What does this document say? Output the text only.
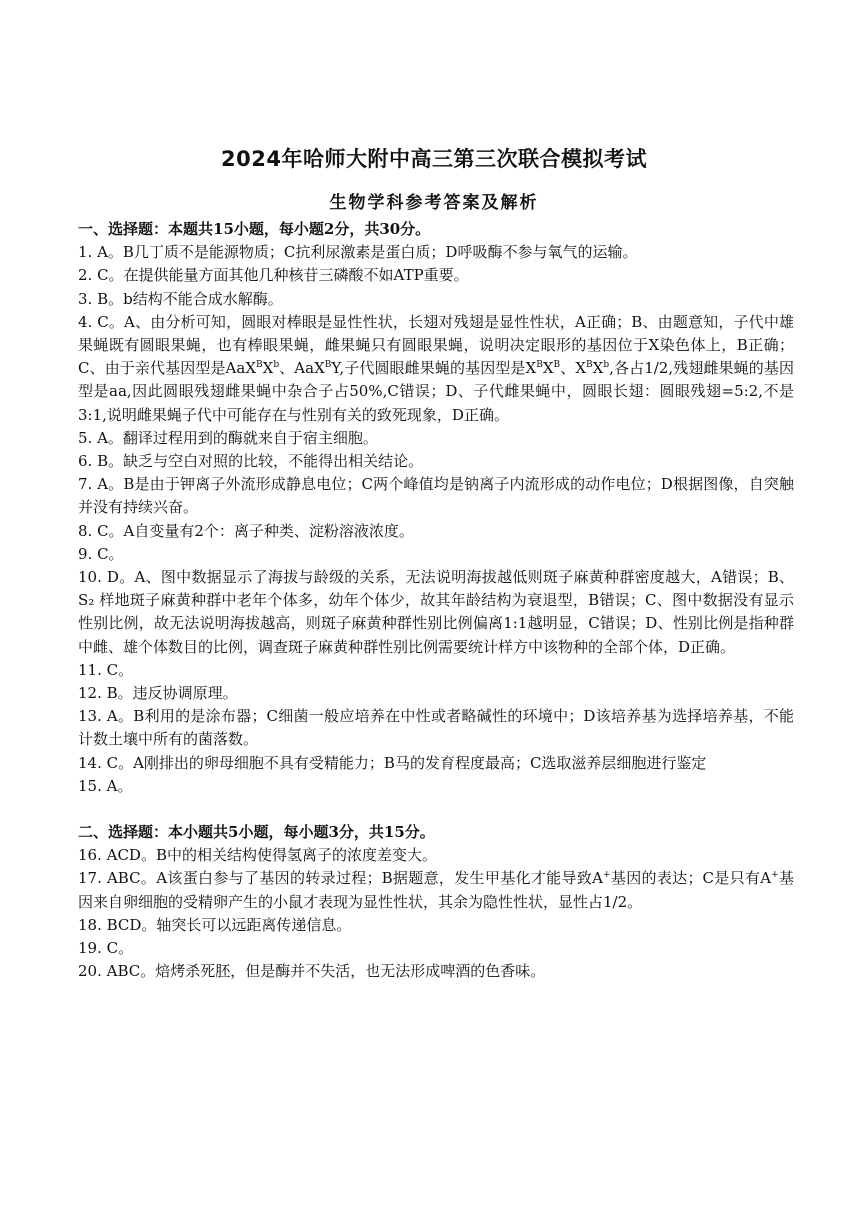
2024年哈师大附中高三第三次联合模拟考试
生物学科参考答案及解析

一、选择题：本题共15小题，每小题2分，共30分。

1. A。B几丁质不是能源物质；C抗利尿激素是蛋白质；D呼吸酶不参与氧气的运输。

2. C。在提供能量方面其他几种核苷三磷酸不如ATP重要。

3. B。b结构不能合成水解酶。

4. C。A、由分析可知，圆眼对棒眼是显性性状，长翅对残翅是显性性状，A正确；B、由题意知，子代中雄果蝇既有圆眼果蝇，也有棒眼果蝇，雌果蝇只有圆眼果蝇，说明决定眼形的基因位于X染色体上，B正确；C、由于亲代基因型是$AaX^BX^b$、AaX$^B$Y,子代圆眼雌果蝇的基因型是$X^BX^B$、$X^BX^b$,各占1/2,残翅雌果蝇的基因型是aa,因此圆眼残翅雌果蝇中杂合子占50%,C错误；D、子代雌果蝇中，圆眼长翅：圆眼残翅=5:2,不是3:1,说明雌果蝇子代中可能存在与性别有关的致死现象，D正确。

5. A。翻译过程用到的酶就来自于宿主细胞。

6. B。缺乏与空白对照的比较，不能得出相关结论。

7. A。B是由于钾离子外流形成静息电位；C两个峰值均是钠离子内流形成的动作电位；D根据图像，自突触并没有持续兴奋。

8. C。A自变量有2个：离子种类、淀粉溶液浓度。

9. C。

10. D。A、图中数据显示了海拔与龄级的关系，无法说明海拔越低则斑子麻黄种群密度越大，A错误；B、S₂ 样地斑子麻黄种群中老年个体多，幼年个体少，故其年龄结构为衰退型，B错误；C、图中数据没有显示性别比例，故无法说明海拔越高，则斑子麻黄种群性别比例偏离1:1越明显，C错误；D、性别比例是指种群中雌、雄个体数目的比例，调查斑子麻黄种群性别比例需要统计样方中该物种的全部个体，D正确。

11. C。

12. B。违反协调原理。

13. A。B利用的是涂布器；C细菌一般应培养在中性或者略碱性的环境中；D该培养基为选择培养基，不能计数土壤中所有的菌落数。

14. C。A刚排出的卵母细胞不具有受精能力；B马的发育程度最高；C选取滋养层细胞进行鉴定

15. A。

二、选择题：本小题共5小题，每小题3分，共15分。

16. ACD。B中的相关结构使得氢离子的浓度差变大。

17. ABC。A该蛋白参与了基因的转录过程；B据题意，发生甲基化才能导致A+基因的表达；C是只有A+基因来自卵细胞的受精卵产生的小鼠才表现为显性性状，其余为隐性性状，显性占1/2。

18. BCD。轴突长可以远距离传递信息。

19. C。

20. ABC。焙烤杀死胚，但是酶并不失活，也无法形成啤酒的色香味。
